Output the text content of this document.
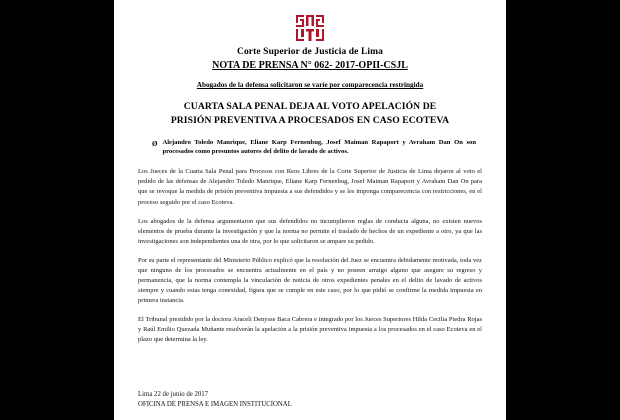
Corte Superior de Justicia de Lima
NOTA DE PRENSA N° 062- 2017-OPII-CSJL
Abogados de la defensa solicitaron se varíe por comparecencia restringida
CUARTA SALA PENAL DEJA AL VOTO APELACIÓN DE
PRISIÓN PREVENTIVA A PROCESADOS EN CASO ECOTEVA
Ø Alejandro Toledo Manrique, Eliane Karp Fernenbug, Josef Maiman Rapaport y Avraham Dan On son procesados como presuntos autores del delito de lavado de activos.

Los Jueces de la Cuarta Sala Penal para Procesos con Reos Libres de la Corte Superior de Justicia de Lima dejaron al voto el pedido de las defensas de Alejandro Toledo Manrique, Eliane Karp Fernenbug, Josef Maiman Rapaport y Avraham Dan On para que se revoque la medida de prisión preventiva impuesta a sus defendidos y se les imponga comparecencia con restricciones, en el proceso seguido por el caso Ecoteva.

Los abogados de la defensa argumentaron que sus defendidos no incumplieron reglas de conducta alguna, no existen nuevos elementos de prueba durante la investigación y que la norma no permite el traslado de hechos de un expediente a otro, ya que las investigaciones son independientes una de otra, por lo que solicitaron se ampare su pedido.

Por su parte el representante del Ministerio Público explicó que la resolución del Juez se encuentra debidamente motivada, toda vez que ninguno de los procesados se encuentra actualmente en el país y no poseen arraigo alguno que asegure su regreso y permanencia, que la norma contempla la vinculación de noticia de otros expedientes penales en el delito de lavado de activos siempre y cuando estas tenga conexidad, figura que se cumple en este caso, por lo que pidió se confirme la medida impuesta en primera instancia.

El Tribunal presidido por la doctora Araceli Denysse Baca Cabrera e integrado por los Jueces Superiores Hilda Cecilia Piedra Rojas y Raúl Emilio Quezada Muñante resolverán la apelación a la prisión preventiva impuesta a los procesados en el caso Ecoteva en el plazo que determina la ley.

Lima 22 de junio de 2017

OFICINA DE PRENSA E IMAGEN INSTITUCIONAL
